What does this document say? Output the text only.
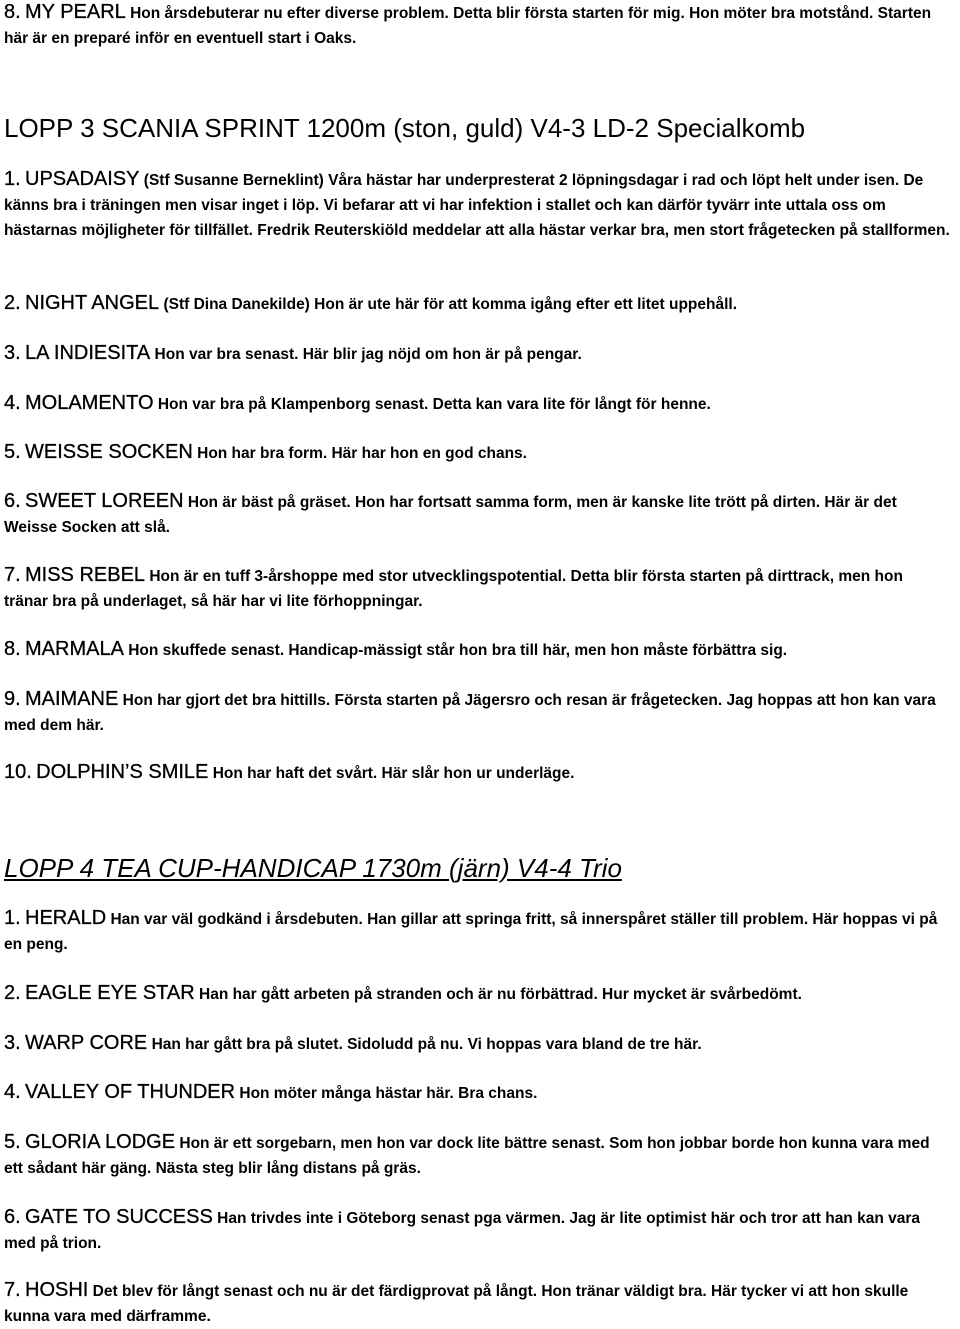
8. MY PEARL Hon årsdebuterar nu efter diverse problem. Detta blir första starten för mig. Hon möter bra motstånd. Starten här är en preparé inför en eventuell start i Oaks.

LOPP 3 SCANIA SPRINT 1200m (ston, guld) V4-3 LD-2 Specialkomb

1. UPSADAISY (Stf Susanne Berneklint) Våra hästar har underpresterat 2 löpningsdagar i rad och löpt helt under isen. De känns bra i träningen men visar inget i löp. Vi befarar att vi har infektion i stallet och kan därför tyvärr inte uttala oss om hästarnas möjligheter för tillfället. Fredrik Reuterskiöld meddelar att alla hästar verkar bra, men stort frågetecken på stallformen.

2. NIGHT ANGEL (Stf Dina Danekilde) Hon är ute här för att komma igång efter ett litet uppehåll.

3. LA INDIESITA Hon var bra senast. Här blir jag nöjd om hon är på pengar.

4. MOLAMENTO Hon var bra på Klampenborg senast. Detta kan vara lite för långt för henne.

5. WEISSE SOCKEN Hon har bra form. Här har hon en god chans.

6. SWEET LOREEN Hon är bäst på gräset. Hon har fortsatt samma form, men är kanske lite trött på dirten. Här är det Weisse Socken att slå.

7. MISS REBEL Hon är en tuff 3-årshoppe med stor utvecklingspotential. Detta blir första starten på dirttrack, men hon tränar bra på underlaget, så här har vi lite förhoppningar.

8. MARMALA Hon skuffede senast. Handicap-mässigt står hon bra till här, men hon måste förbättra sig.

9. MAIMANE Hon har gjort det bra hittills. Första starten på Jägersro och resan är frågetecken. Jag hoppas att hon kan vara med dem här.

10. DOLPHIN’S SMILE Hon har haft det svårt. Här slår hon ur underläge.

LOPP 4 TEA CUP-HANDICAP 1730m (järn) V4-4 Trio

1. HERALD Han var väl godkänd i årsdebuten. Han gillar att springa fritt, så innerspåret ställer till problem. Här hoppas vi på en peng.

2. EAGLE EYE STAR Han har gått arbeten på stranden och är nu förbättrad. Hur mycket är svårbedömt.

3. WARP CORE Han har gått bra på slutet. Sidoludd på nu. Vi hoppas vara bland de tre här.

4. VALLEY OF THUNDER Hon möter många hästar här. Bra chans.

5. GLORIA LODGE Hon är ett sorgebarn, men hon var dock lite bättre senast. Som hon jobbar borde hon kunna vara med ett sådant här gäng. Nästa steg blir lång distans på gräs.

6. GATE TO SUCCESS Han trivdes inte i Göteborg senast pga värmen. Jag är lite optimist här och tror att han kan vara med på trion.

7. HOSHI Det blev för långt senast och nu är det färdigprovat på långt. Hon tränar väldigt bra. Här tycker vi att hon skulle kunna vara med därframme.
